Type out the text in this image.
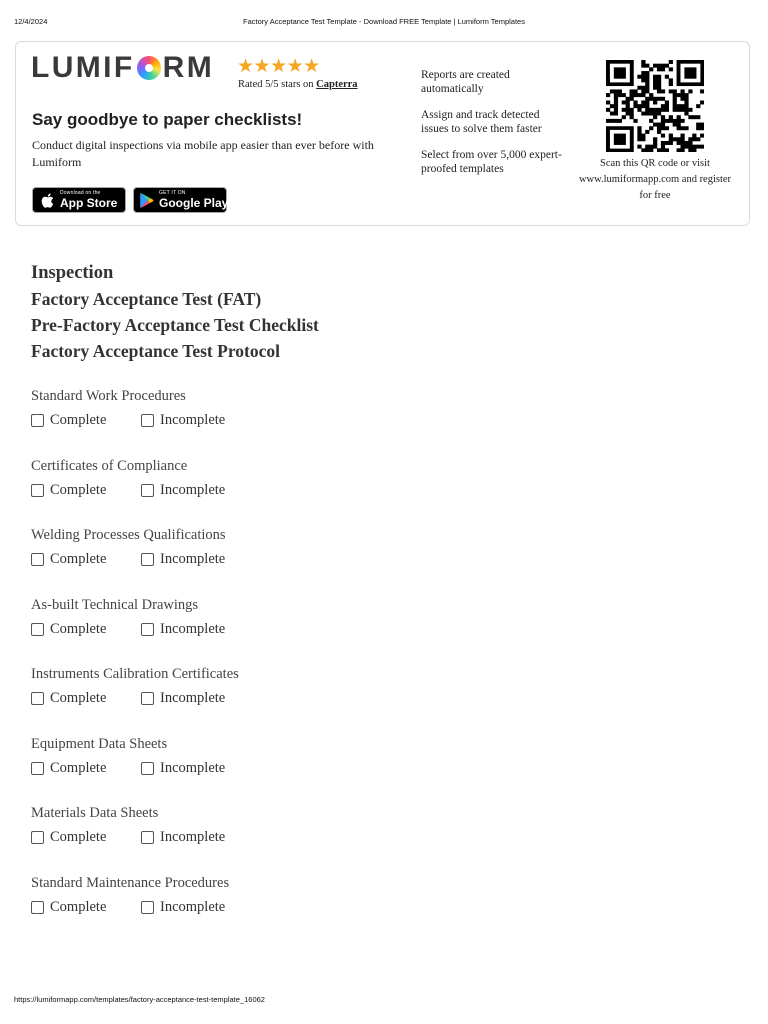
12/4/2024	Factory Acceptance Test Template - Download FREE Template | Lumiform Templates
LUMIF RM ★★★★★
Rated 5/5 stars on Capterra
Say goodbye to paper checklists!
Conduct digital inspections via mobile app easier than ever before with Lumiform
Download on the
App Store
GET IT ON
Google Play
Reports are created automatically
Assign and track detected issues to solve them faster
Select from over 5,000 expert-proofed templates	Scan this QR code or visit www.lumiformapp.com and register for free
Inspection
Factory Acceptance Test (FAT)
Pre-Factory Acceptance Test Checklist
Factory Acceptance Test Protocol
Standard Work Procedures
Complete	Incomplete
Certificates of Compliance
Complete	Incomplete
Welding Processes Qualifications
Complete	Incomplete
As-built Technical Drawings
Complete	Incomplete
Instruments Calibration Certificates
Complete	Incomplete
Equipment Data Sheets
Complete	Incomplete
Materials Data Sheets
Complete	Incomplete
Standard Maintenance Procedures
Complete	Incomplete
https://lumiformapp.com/templates/factory-acceptance-test-template_16062
